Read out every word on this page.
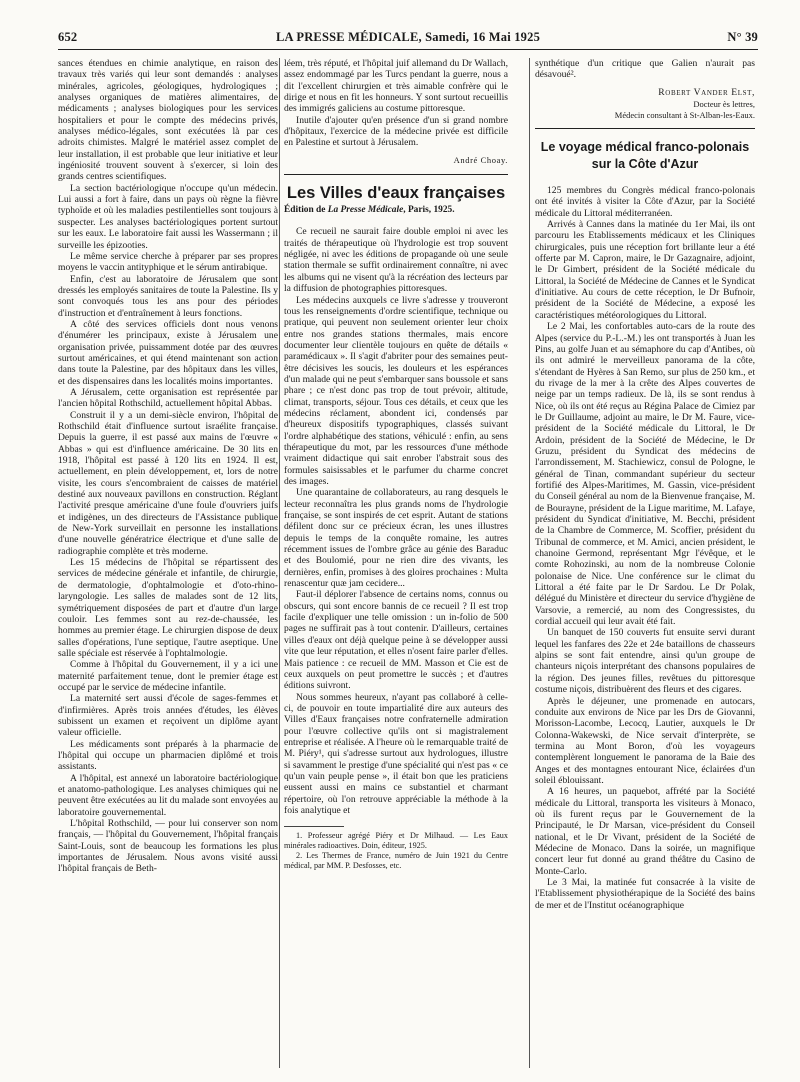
652	LA PRESSE MÉDICALE, Samedi, 16 Mai 1925	N° 39

sances étendues en chimie analytique, en raison des travaux très variés qui leur sont demandés : analyses minérales, agricoles, géologiques, hydrologiques ; analyses organiques de matières alimentaires, de médicaments ; analyses biologiques pour les services hospitaliers et pour le compte des médecins privés, analyses médico-légales, sont exécutées là par ces adroits chimistes. Malgré le matériel assez complet de leur installation, il est probable que leur initiative et leur ingéniosité trouvent souvent à s'exercer, si loin des grands centres scientifiques.

La section bactériologique n'occupe qu'un médecin. Lui aussi a fort à faire, dans un pays où règne la fièvre typhoïde et où les maladies pestilentielles sont toujours à suspecter. Les analyses bactériologiques portent surtout sur les eaux. Le laboratoire fait aussi les Wassermann ; il surveille les épizooties.

Le même service cherche à préparer par ses propres moyens le vaccin antityphique et le sérum antirabique.

Enfin, c'est au laboratoire de Jérusalem que sont dressés les employés sanitaires de toute la Palestine. Ils y sont convoqués tous les ans pour des périodes d'instruction et d'entraînement à leurs fonctions.

A côté des services officiels dont nous venons d'énumérer les principaux, existe à Jérusalem une organisation privée, puissamment dotée par des œuvres surtout américaines, et qui étend maintenant son action dans toute la Palestine, par des hôpitaux dans les villes, et des dispensaires dans les localités moins importantes.

A Jérusalem, cette organisation est représentée par l'ancien hôpital Rothschild, actuellement hôpital Abbas.

Construit il y a un demi-siècle environ, l'hôpital de Rothschild était d'influence surtout israélite française. Depuis la guerre, il est passé aux mains de l'œuvre « Abbas » qui est d'influence américaine. De 30 lits en 1918, l'hôpital est passé à 120 lits en 1924. Il est, actuellement, en plein développement, et, lors de notre visite, les cours s'encombraient de caisses de matériel destiné aux nouveaux pavillons en construction. Réglant l'activité presque américaine d'une foule d'ouvriers juifs et indigènes, un des directeurs de l'Assistance publique de New-York surveillait en personne les installations d'une nouvelle génératrice électrique et d'une salle de radiographie complète et très moderne.

Les 15 médecins de l'hôpital se répartissent des services de médecine générale et infantile, de chirurgie, de dermatologie, d'ophtalmologie et d'oto-rhino-laryngologie. Les salles de malades sont de 12 lits, symétriquement disposées de part et d'autre d'un large couloir. Les femmes sont au rez-de-chaussée, les hommes au premier étage. Le chirurgien dispose de deux salles d'opérations, l'une septique, l'autre aseptique. Une salle spéciale est réservée à l'ophtalmologie.

Comme à l'hôpital du Gouvernement, il y a ici une maternité parfaitement tenue, dont le premier étage est occupé par le service de médecine infantile.

La maternité sert aussi d'école de sages-femmes et d'infirmières. Après trois années d'études, les élèves subissent un examen et reçoivent un diplôme ayant valeur officielle.

Les médicaments sont préparés à la pharmacie de l'hôpital qui occupe un pharmacien diplômé et trois assistants.

A l'hôpital, est annexé un laboratoire bactériologique et anatomo-pathologique. Les analyses chimiques qui ne peuvent être exécutées au lit du malade sont envoyées au laboratoire gouvernemental.

L'hôpital Rothschild, — pour lui conserver son nom français, — l'hôpital du Gouvernement, l'hôpital français Saint-Louis, sont de beaucoup les formations les plus importantes de Jérusalem. Nous avons visité aussi l'hôpital français de Beth-

léem, très réputé, et l'hôpital juif allemand du Dr Wallach, assez endommagé par les Turcs pendant la guerre, nous a dit l'excellent chirurgien et très aimable confrère qui le dirige et nous en fit les honneurs. Y sont surtout recueillis des immigrés galiciens au costume pittoresque.

Inutile d'ajouter qu'en présence d'un si grand nombre d'hôpitaux, l'exercice de la médecine privée est difficile en Palestine et surtout à Jérusalem.

André Choay.
Les Villes d'eaux françaises
Édition de La Presse Médicale, Paris, 1925.

Ce recueil ne saurait faire double emploi ni avec les traités de thérapeutique où l'hydrologie est trop souvent négligée, ni avec les éditions de propagande où une seule station thermale se suffit ordinairement connaître, ni avec les albums qui ne visent qu'à la récréation des lecteurs par la diffusion de photographies pittoresques.

Les médecins auxquels ce livre s'adresse y trouveront tous les renseignements d'ordre scientifique, technique ou pratique, qui peuvent non seulement orienter leur choix entre nos grandes stations thermales, mais encore documenter leur clientèle toujours en quête de détails « paramédicaux ». Il s'agit d'abriter pour des semaines peut-être décisives les soucis, les douleurs et les espérances d'un malade qui ne peut s'embarquer sans boussole et sans phare ; ce n'est donc pas trop de tout prévoir, altitude, climat, transports, séjour. Tous ces détails, et ceux que les médecins réclament, abondent ici, condensés par d'heureux dispositifs typographiques, classés suivant l'ordre alphabétique des stations, véhiculé : enfin, au sens thérapeutique du mot, par les ressources d'une méthode vraiment didactique qui sait enrober l'abstrait sous des formules saisissables et le parfumer du charme concret des images.

Une quarantaine de collaborateurs, au rang desquels le lecteur reconnaîtra les plus grands noms de l'hydrologie française, se sont inspirés de cet esprit. Autant de stations défilent donc sur ce précieux écran, les unes illustres depuis le temps de la conquête romaine, les autres récemment issues de l'ombre grâce au génie des Baraduc et des Boulomié, pour ne rien dire des vivants, les dernières, enfin, promises à des gloires prochaines : Multa renascentur quæ jam cecidere...

Faut-il déplorer l'absence de certains noms, connus ou obscurs, qui sont encore bannis de ce recueil ? Il est trop facile d'expliquer une telle omission : un in-folio de 500 pages ne suffirait pas à tout contenir. D'ailleurs, certaines villes d'eaux ont déjà quelque peine à se développer aussi vite que leur réputation, et elles n'osent faire parler d'elles. Mais patience : ce recueil de MM. Masson et Cie est de ceux auxquels on peut promettre le succès ; et d'autres éditions suivront.

Nous sommes heureux, n'ayant pas collaboré à celle-ci, de pouvoir en toute impartialité dire aux auteurs des Villes d'Eaux françaises notre confraternelle admiration pour l'œuvre collective qu'ils ont si magistralement entreprise et réalisée. A l'heure où le remarquable traité de M. Piéry¹, qui s'adresse surtout aux hydrologues, illustre si savamment le prestige d'une spécialité qui n'est pas « ce qu'un vain peuple pense », il était bon que les praticiens eussent aussi en mains ce substantiel et charmant répertoire, où l'on retrouve appréciable la méthode à la fois analytique et

1. Professeur agrégé Piéry et Dr Milhaud. — Les Eaux minérales radioactives. Doin, éditeur, 1925.

2. Les Thermes de France, numéro de Juin 1921 du Centre médical, par MM. P. Desfosses, etc.

synthétique d'un critique que Galien n'aurait pas désavoué².

Robert Vander Elst,
Docteur ès lettres,
Médecin consultant à St-Alban-les-Eaux.
Le voyage médical franco-polonais sur la Côte d'Azur

125 membres du Congrès médical franco-polonais ont été invités à visiter la Côte d'Azur, par la Société médicale du Littoral méditerranéen.

Arrivés à Cannes dans la matinée du 1er Mai, ils ont parcouru les Etablissements médicaux et les Cliniques chirurgicales, puis une réception fort brillante leur a été offerte par M. Capron, maire, le Dr Gazagnaire, adjoint, le Dr Gimbert, président de la Société médicale du Littoral, la Société de Médecine de Cannes et le Syndicat d'initiative. Au cours de cette réception, le Dr Bufnoir, président de la Société de Médecine, a exposé les caractéristiques météorologiques du Littoral.

Le 2 Mai, les confortables auto-cars de la route des Alpes (service du P.-L.-M.) les ont transportés à Juan les Pins, au golfe Juan et au sémaphore du cap d'Antibes, où ils ont admiré le merveilleux panorama de la côte, s'étendant de Hyères à San Remo, sur plus de 250 km., et du rivage de la mer à la crête des Alpes couvertes de neige par un temps radieux. De là, ils se sont rendus à Nice, où ils ont été reçus au Régina Palace de Cimiez par le Dr Guillaume, adjoint au maire, le Dr M. Faure, vice-président de la Société médicale du Littoral, le Dr Ardoin, président de la Société de Médecine, le Dr Gruzu, président du Syndicat des médecins de l'arrondissement, M. Stachiewicz, consul de Pologne, le général de Tinan, commandant supérieur du secteur fortifié des Alpes-Maritimes, M. Gassin, vice-président du Conseil général au nom de la Bienvenue française, M. de Bourayne, président de la Ligue maritime, M. Lafaye, président du Syndicat d'initiative, M. Becchi, président de la Chambre de Commerce, M. Scoffier, président du Tribunal de commerce, et M. Amici, ancien président, le chanoine Germond, représentant Mgr l'évêque, et le comte Rohozinski, au nom de la nombreuse Colonie polonaise de Nice. Une conférence sur le climat du Littoral a été faite par le Dr Sardou. Le Dr Polak, délégué du Ministère et directeur du service d'hygiène de Varsovie, a remercié, au nom des Congressistes, du cordial accueil qui leur avait été fait.

Un banquet de 150 couverts fut ensuite servi durant lequel les fanfares des 22e et 24e bataillons de chasseurs alpins se sont fait entendre, ainsi qu'un groupe de chanteurs niçois interprétant des chansons populaires de la région. Des jeunes filles, revêtues du pittoresque costume niçois, distribuèrent des fleurs et des cigares.

Après le déjeuner, une promenade en autocars, conduite aux environs de Nice par les Drs de Giovanni, Morisson-Lacombe, Lecocq, Lautier, auxquels le Dr Colonna-Wakewski, de Nice servait d'interprète, se termina au Mont Boron, d'où les voyageurs contemplèrent longuement le panorama de la Baie des Anges et des montagnes entourant Nice, éclairées d'un soleil éblouissant.

A 16 heures, un paquebot, affrété par la Société médicale du Littoral, transporta les visiteurs à Monaco, où ils furent reçus par le Gouvernement de la Principauté, le Dr Marsan, vice-président du Conseil national, et le Dr Vivant, président de la Société de Médecine de Monaco. Dans la soirée, un magnifique concert leur fut donné au grand théâtre du Casino de Monte-Carlo.

Le 3 Mai, la matinée fut consacrée à la visite de l'Etablissement physiothérapique de la Société des bains de mer et de l'Institut océanographique
